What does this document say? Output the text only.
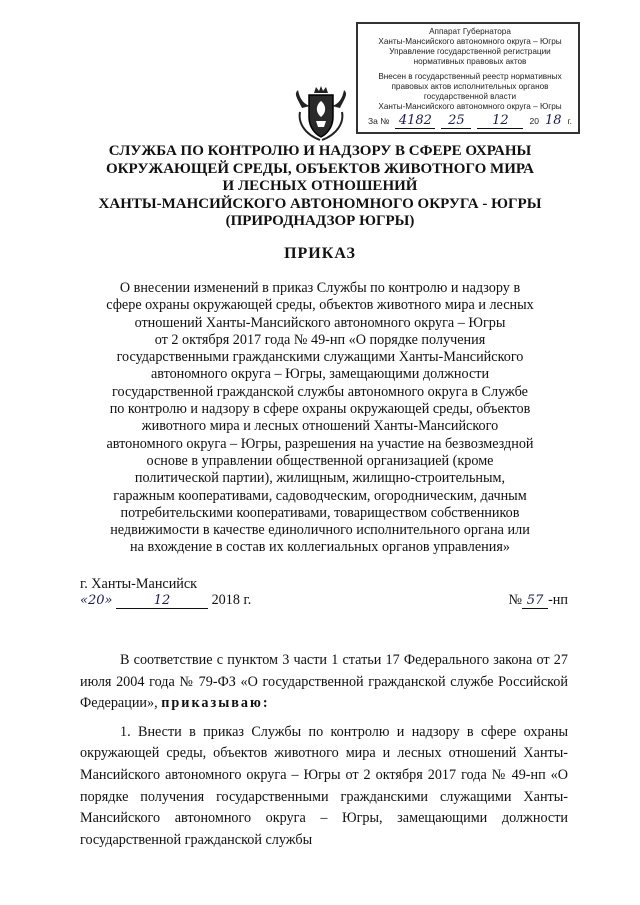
Аппарат Губернатора
Ханты-Мансийского автономного округа – Югры
Управление государственной регистрации
нормативных правовых актов
Внесен в государственный реестр нормативных
правовых актов исполнительных органов
государственной власти
Ханты-Мансийского автономного округа – Югры
За № 4182	25	12	20 18 г.
СЛУЖБА ПО КОНТРОЛЮ И НАДЗОРУ В СФЕРЕ ОХРАНЫ
ОКРУЖАЮЩЕЙ СРЕДЫ, ОБЪЕКТОВ ЖИВОТНОГО МИРА
И ЛЕСНЫХ ОТНОШЕНИЙ
ХАНТЫ-МАНСИЙСКОГО АВТОНОМНОГО ОКРУГА - ЮГРЫ
(ПРИРОДНАДЗОР ЮГРЫ)
ПРИКАЗ
О внесении изменений в приказ Службы по контролю и надзору в
сфере охраны окружающей среды, объектов животного мира и лесных
отношений Ханты-Мансийского автономного округа – Югры
от 2 октября 2017 года № 49-нп «О порядке получения
государственными гражданскими служащими Ханты-Мансийского
автономного округа – Югры, замещающими должности
государственной гражданской службы автономного округа в Службе
по контролю и надзору в сфере охраны окружающей среды, объектов
животного мира и лесных отношений Ханты-Мансийского
автономного округа – Югры, разрешения на участие на безвозмездной
основе в управлении общественной организацией (кроме
политической партии), жилищным, жилищно-строительным,
гаражным кооперативами, садоводческим, огородническим, дачным
потребительскими кооперативами, товариществом собственников
недвижимости в качестве единоличного исполнительного органа или
на вхождение в состав их коллегиальных органов управления»
г. Ханты-Мансийск
«20»	12	2018 г.	№ 57 -нп

В соответствие с пунктом 3 части 1 статьи 17 Федерального закона от 27 июля 2004 года № 79-ФЗ «О государственной гражданской службе Российской Федерации», приказываю:

1. Внести в приказ Службы по контролю и надзору в сфере охраны окружающей среды, объектов животного мира и лесных отношений Ханты-Мансийского автономного округа – Югры от 2 октября 2017 года № 49-нп «О порядке получения государственными гражданскими служащими Ханты-Мансийского автономного округа – Югры, замещающими должности государственной гражданской службы
